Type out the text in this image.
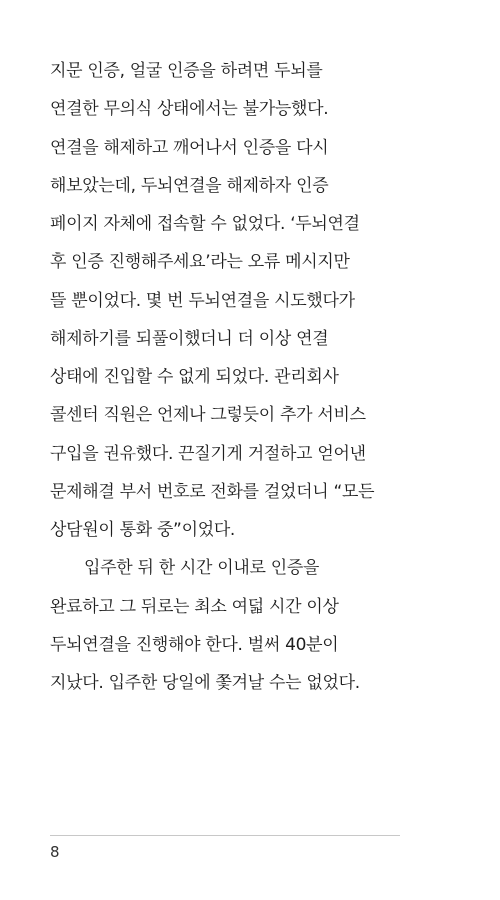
지문 인증, 얼굴 인증을 하려면 두뇌를
연결한 무의식 상태에서는 불가능했다.
연결을 해제하고 깨어나서 인증을 다시
해보았는데, 두뇌연결을 해제하자 인증
페이지 자체에 접속할 수 없었다. ‘두뇌연결
후 인증 진행해주세요’라는 오류 메시지만
뜰 뿐이었다. 몇 번 두뇌연결을 시도했다가
해제하기를 되풀이했더니 더 이상 연결
상태에 진입할 수 없게 되었다. 관리회사
콜센터 직원은 언제나 그렇듯이 추가 서비스
구입을 권유했다. 끈질기게 거절하고 얻어낸
문제해결 부서 번호로 전화를 걸었더니 “모든
상담원이 통화 중”이었다.
입주한 뒤 한 시간 이내로 인증을
완료하고 그 뒤로는 최소 여덟 시간 이상
두뇌연결을 진행해야 한다. 벌써 40분이
지났다. 입주한 당일에 쫓겨날 수는 없었다.
8
